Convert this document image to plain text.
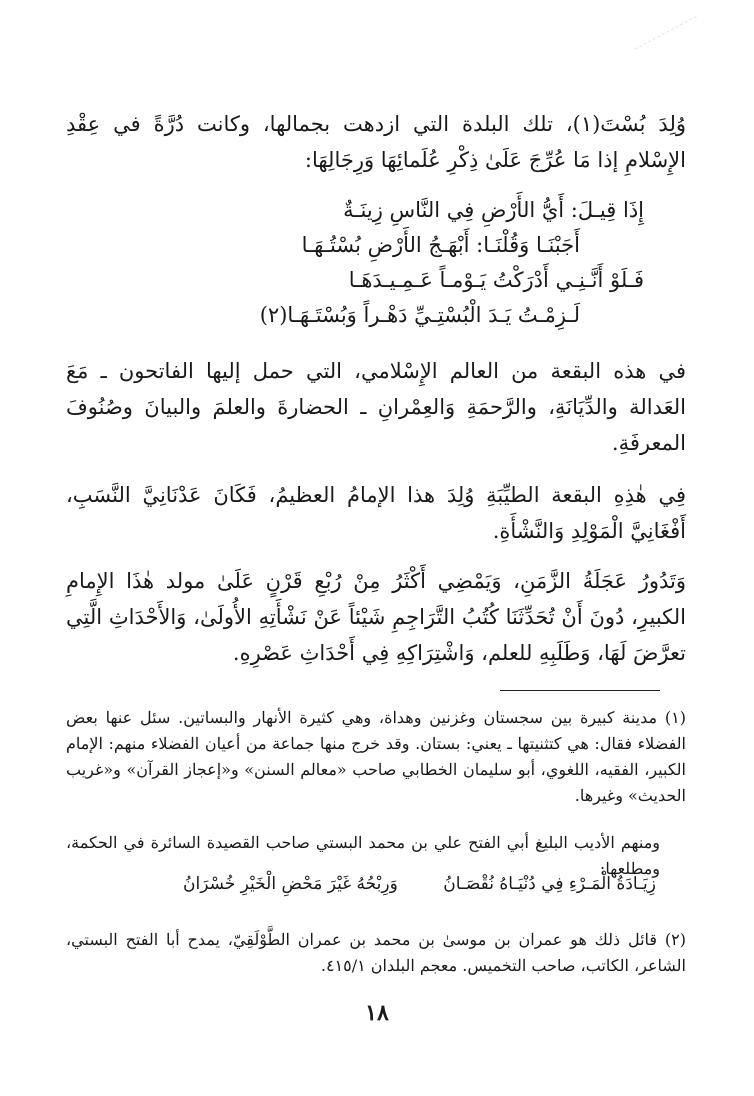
وُلِدَ بُسْتَ(١)، تلك البلدة التي ازدهت بجمالها، وكانت دُرَّةً في عِقْدِ الإِسْلامِ إذا مَا عُرِّجَ عَلَىٰ ذِكْرِ عُلَمائِهَا وَرِجَالِهَا:

إِذَا قِيـلَ: أَيُّ الأَرْضِ فِي النَّاسِ زِينَـةٌ
أَجَبْنَـا وَقُلْنَـا: أَبْهَـجُ الأَرْضِ بُسْتُـهَـا
فَـلَوْ أَنَّـنِـي أَدْرَكْتُ يَـوْمـاً عَـمِـيـدَهَـا
لَـزِمْـتُ يَـدَ الْبُسْتِـيِّ دَهْـراً وَبُسْتَـهَـا(٢)

في هذه البقعة من العالم الإِسْلامي، التي حمل إليها الفاتحون ـ مَعَ العَدالة والدِّيَانَةِ، والرَّحمَةِ وَالعِمْرانِ ـ الحضارةَ والعلمَ والبيانَ وصُنُوفَ المعرفَةِ.

فِي هٰذِهِ البقعة الطيِّبَةِ وُلِدَ هذا الإمامُ العظيمُ، فَكَانَ عَدْنَانِيَّ النَّسَبِ، أَفْغَانِيَّ الْمَوْلِدِ وَالنَّشْأَةِ.

وَتَدُورُ عَجَلَةُ الزَّمَنِ، وَيَمْضِي أَكْثَرُ مِنْ رُبْعِ قَرْنٍ عَلَىٰ مولد هٰذَا الإِمامِ الكبيرِ، دُونَ أَنْ تُحَدِّثَنَا كُتُبُ التَّرَاجِمِ شَيْئاً عَنْ نَشْأَتِهِ الأُولَىٰ، وَالأَحْدَاثِ الَّتِي تعرَّضَ لَهَا، وَطَلَبِهِ للعلم، وَاشْتِرَاكِهِ فِي أَحْدَاثِ عَصْرِهِ.

(١) مدينة كبيرة بين سجستان وغزنين وهداة، وهي كثيرة الأنهار والبساتين. سئل عنها بعض الفضلاء فقال: هي كتثنيتها ـ يعني: بستان. وقد خرج منها جماعة من أعيان الفضلاء منهم: الإمام الكبير، الفقيه، اللغوي، أبو سليمان الخطابي صاحب «معالم السنن» و«إعجاز القرآن» و«غريب الحديث» وغيرها.
ومنهم الأديب البليغ أبي الفتح علي بن محمد البستي صاحب القصيدة السائرة في الحكمة، ومطلعها:
زِيَـادَةُ الْمَـرْءِ فِي دُنْيَـاهُ نُقْصَـانُ وَرِبْحُهُ غَيْرَ مَحْضِ الْخَيْرِ خُسْرَانُ
(٢) قائل ذلك هو عمران بن موسىٰ بن محمد بن عمران الطَّوْلَقِيّ، يمدح أبا الفتح البستي، الشاعر، الكاتب، صاحب التخميس. معجم البلدان ٤١٥/١.
١٨
